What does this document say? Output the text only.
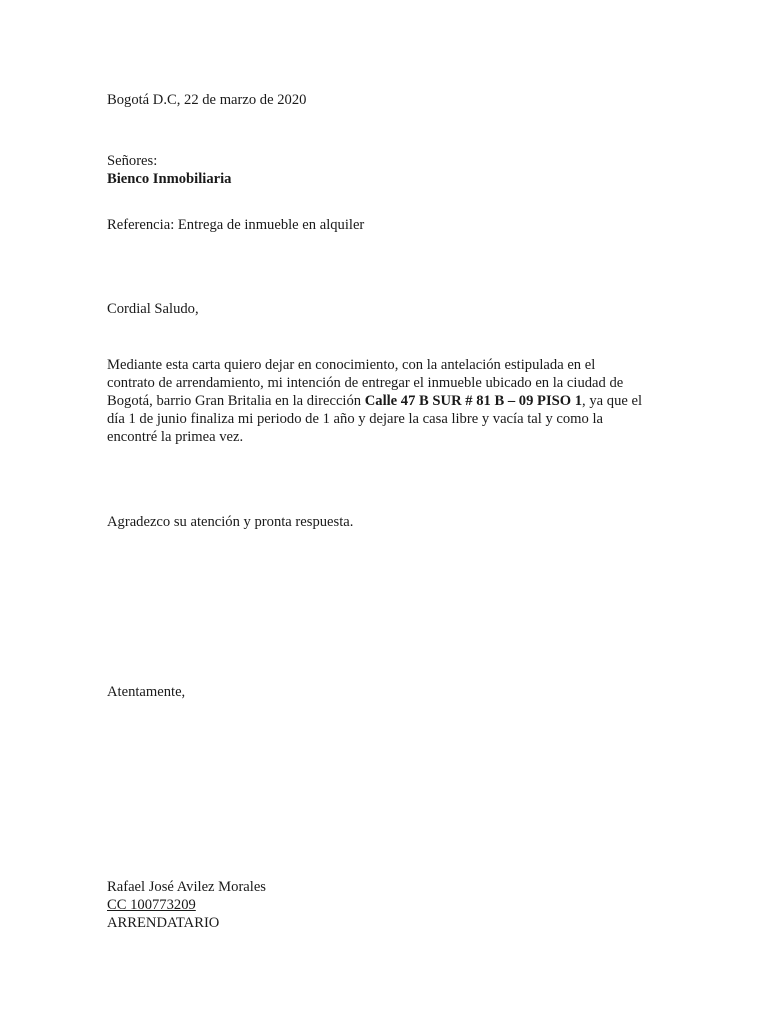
Bogotá D.C, 22 de marzo de 2020
Señores:
Bienco Inmobiliaria
Referencia: Entrega de inmueble en alquiler
Cordial Saludo,
Mediante esta carta quiero dejar en conocimiento, con la antelación estipulada en el
contrato de arrendamiento, mi intención de entregar el inmueble ubicado en la ciudad de
Bogotá, barrio Gran Britalia en la dirección Calle 47 B SUR # 81 B – 09 PISO 1, ya que el
día 1 de junio finaliza mi periodo de 1 año y dejare la casa libre y vacía tal y como la
encontré la primea vez.
Agradezco su atención y pronta respuesta.
Atentamente,
Rafael José Avilez Morales
CC 100773209
ARRENDATARIO
